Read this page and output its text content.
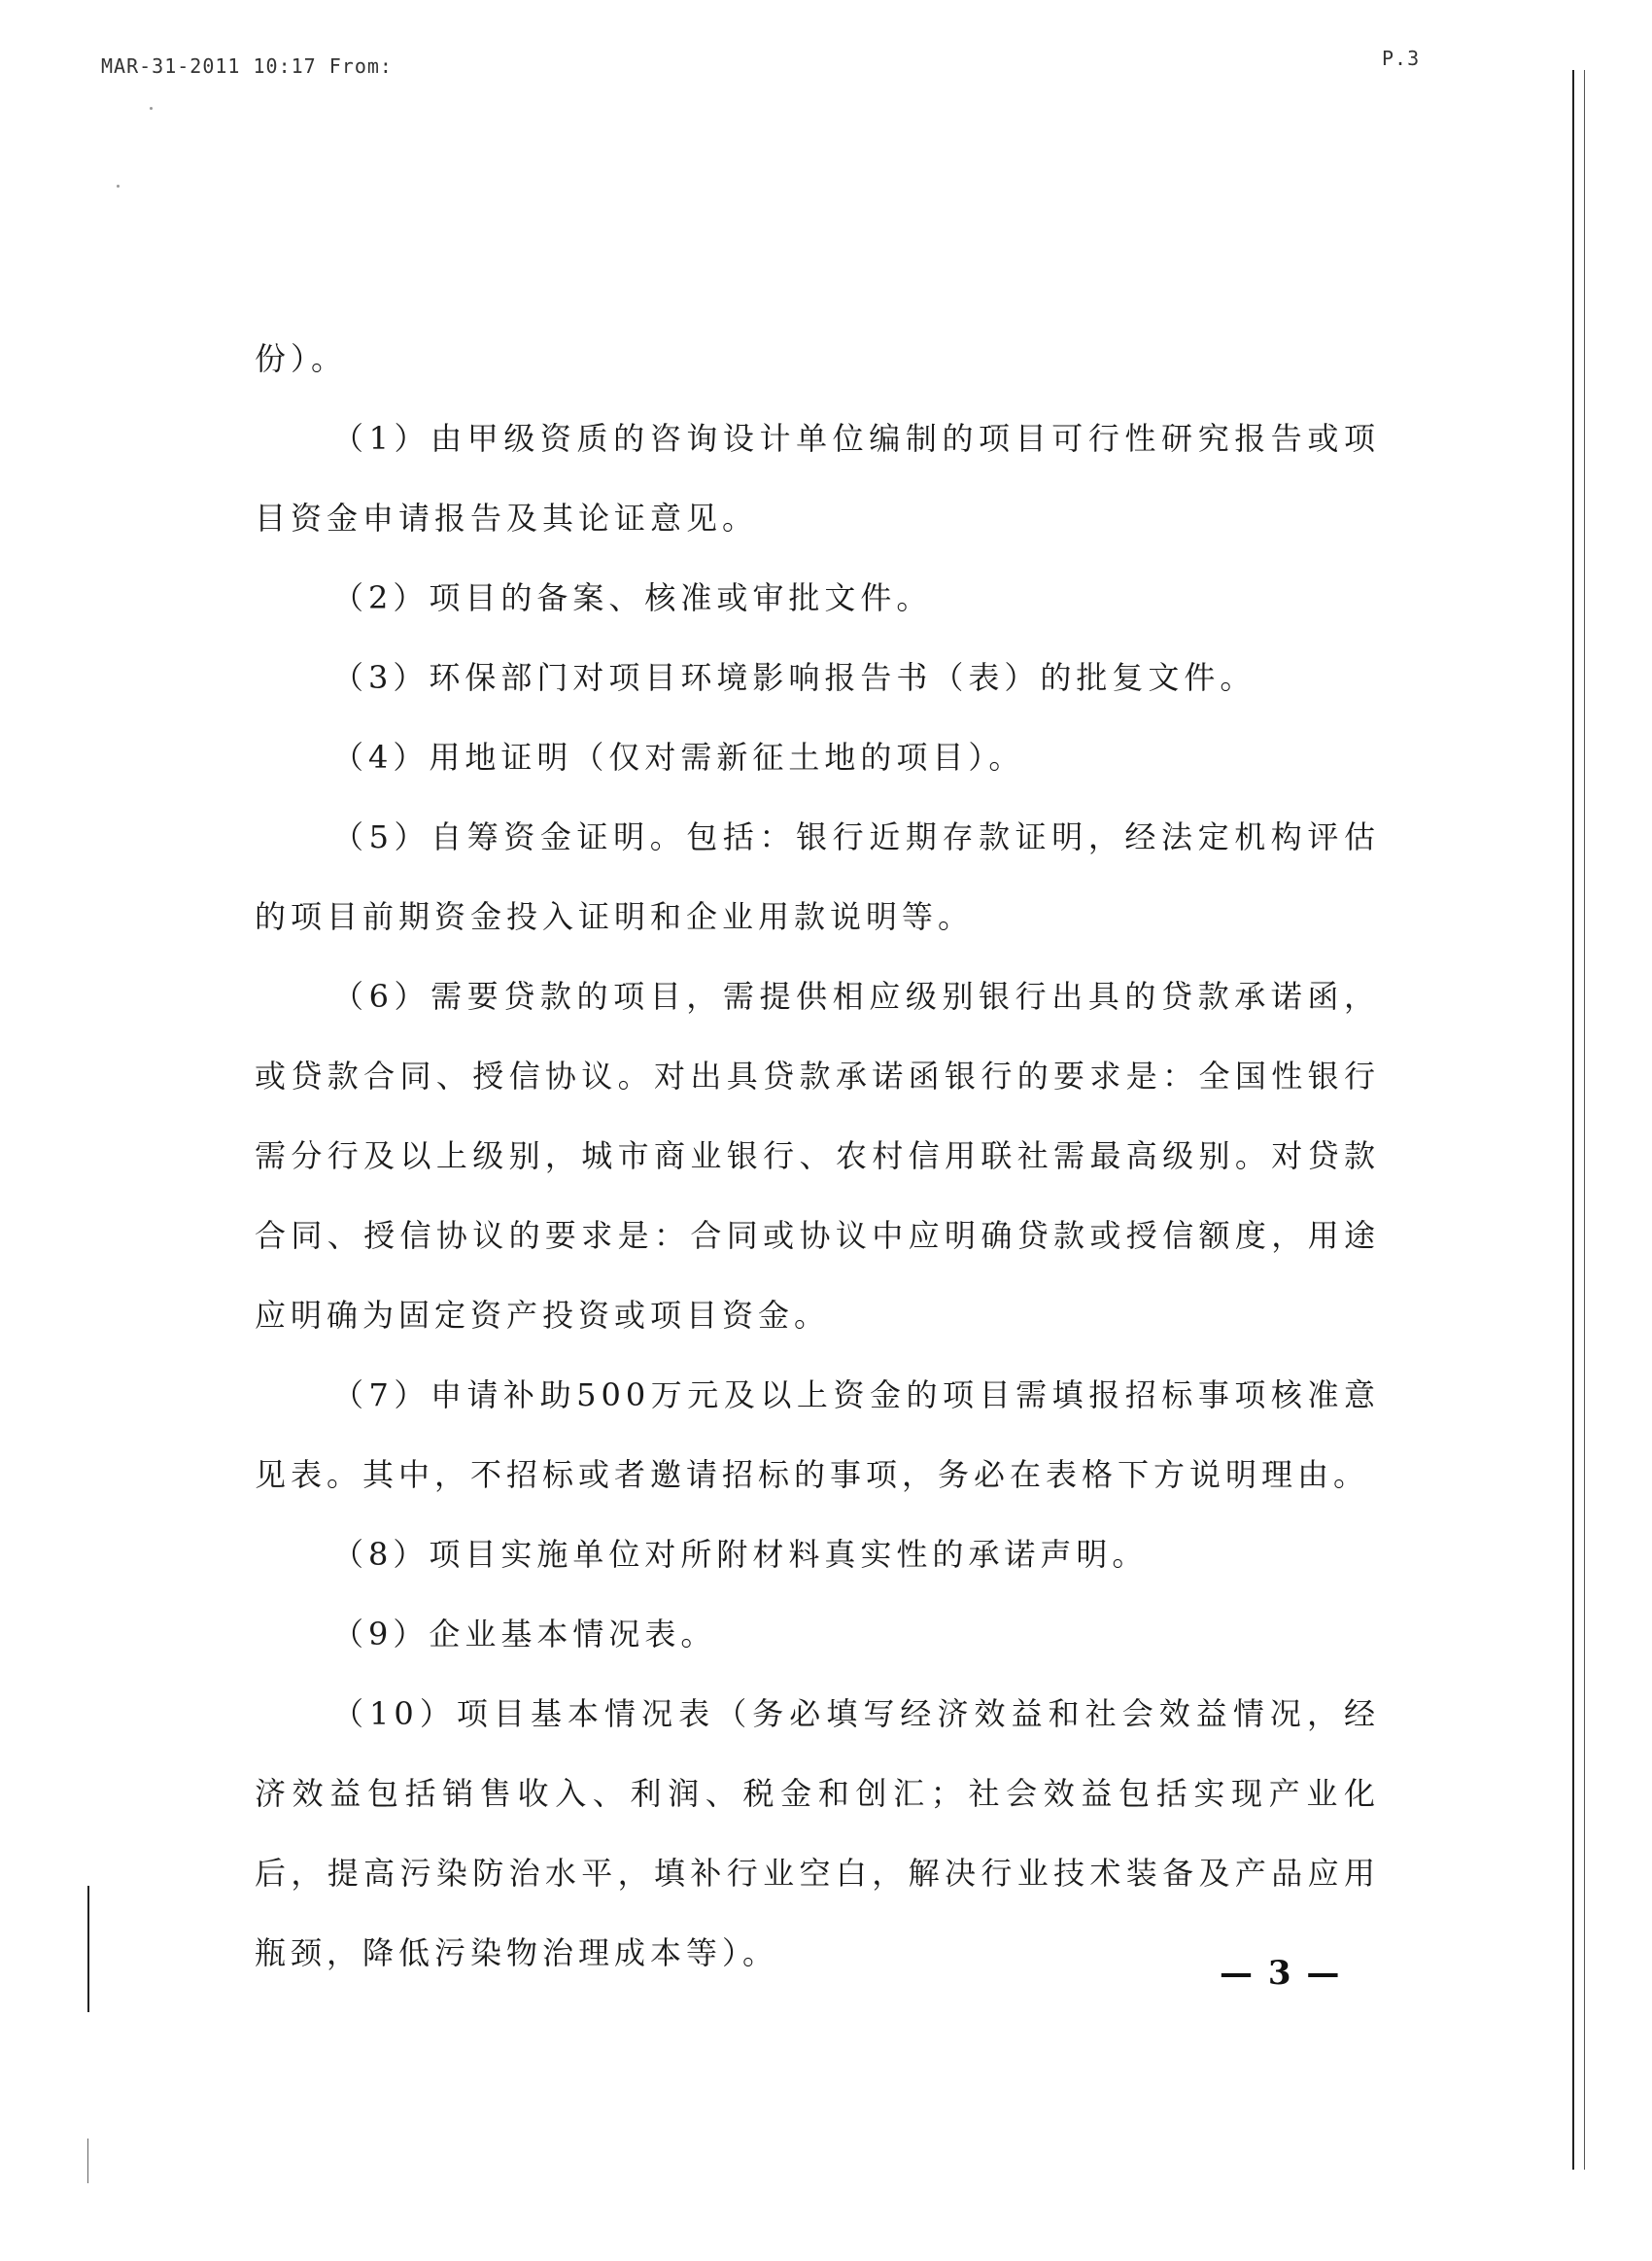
MAR-31-2011 10:17 From:	P.3

份）。

（1）由甲级资质的咨询设计单位编制的项目可行性研究报告或项目资金申请报告及其论证意见。

（2）项目的备案、核准或审批文件。

（3）环保部门对项目环境影响报告书（表）的批复文件。

（4）用地证明（仅对需新征土地的项目）。

（5）自筹资金证明。包括：银行近期存款证明，经法定机构评估的项目前期资金投入证明和企业用款说明等。

（6）需要贷款的项目，需提供相应级别银行出具的贷款承诺函，或贷款合同、授信协议。对出具贷款承诺函银行的要求是：全国性银行需分行及以上级别，城市商业银行、农村信用联社需最高级别。对贷款合同、授信协议的要求是：合同或协议中应明确贷款或授信额度，用途应明确为固定资产投资或项目资金。

（7）申请补助500万元及以上资金的项目需填报招标事项核准意见表。其中，不招标或者邀请招标的事项，务必在表格下方说明理由。

（8）项目实施单位对所附材料真实性的承诺声明。

（9）企业基本情况表。

（10）项目基本情况表（务必填写经济效益和社会效益情况，经济效益包括销售收入、利润、税金和创汇；社会效益包括实现产业化后，提高污染防治水平，填补行业空白，解决行业技术装备及产品应用瓶颈，降低污染物治理成本等）。

— 3 —
